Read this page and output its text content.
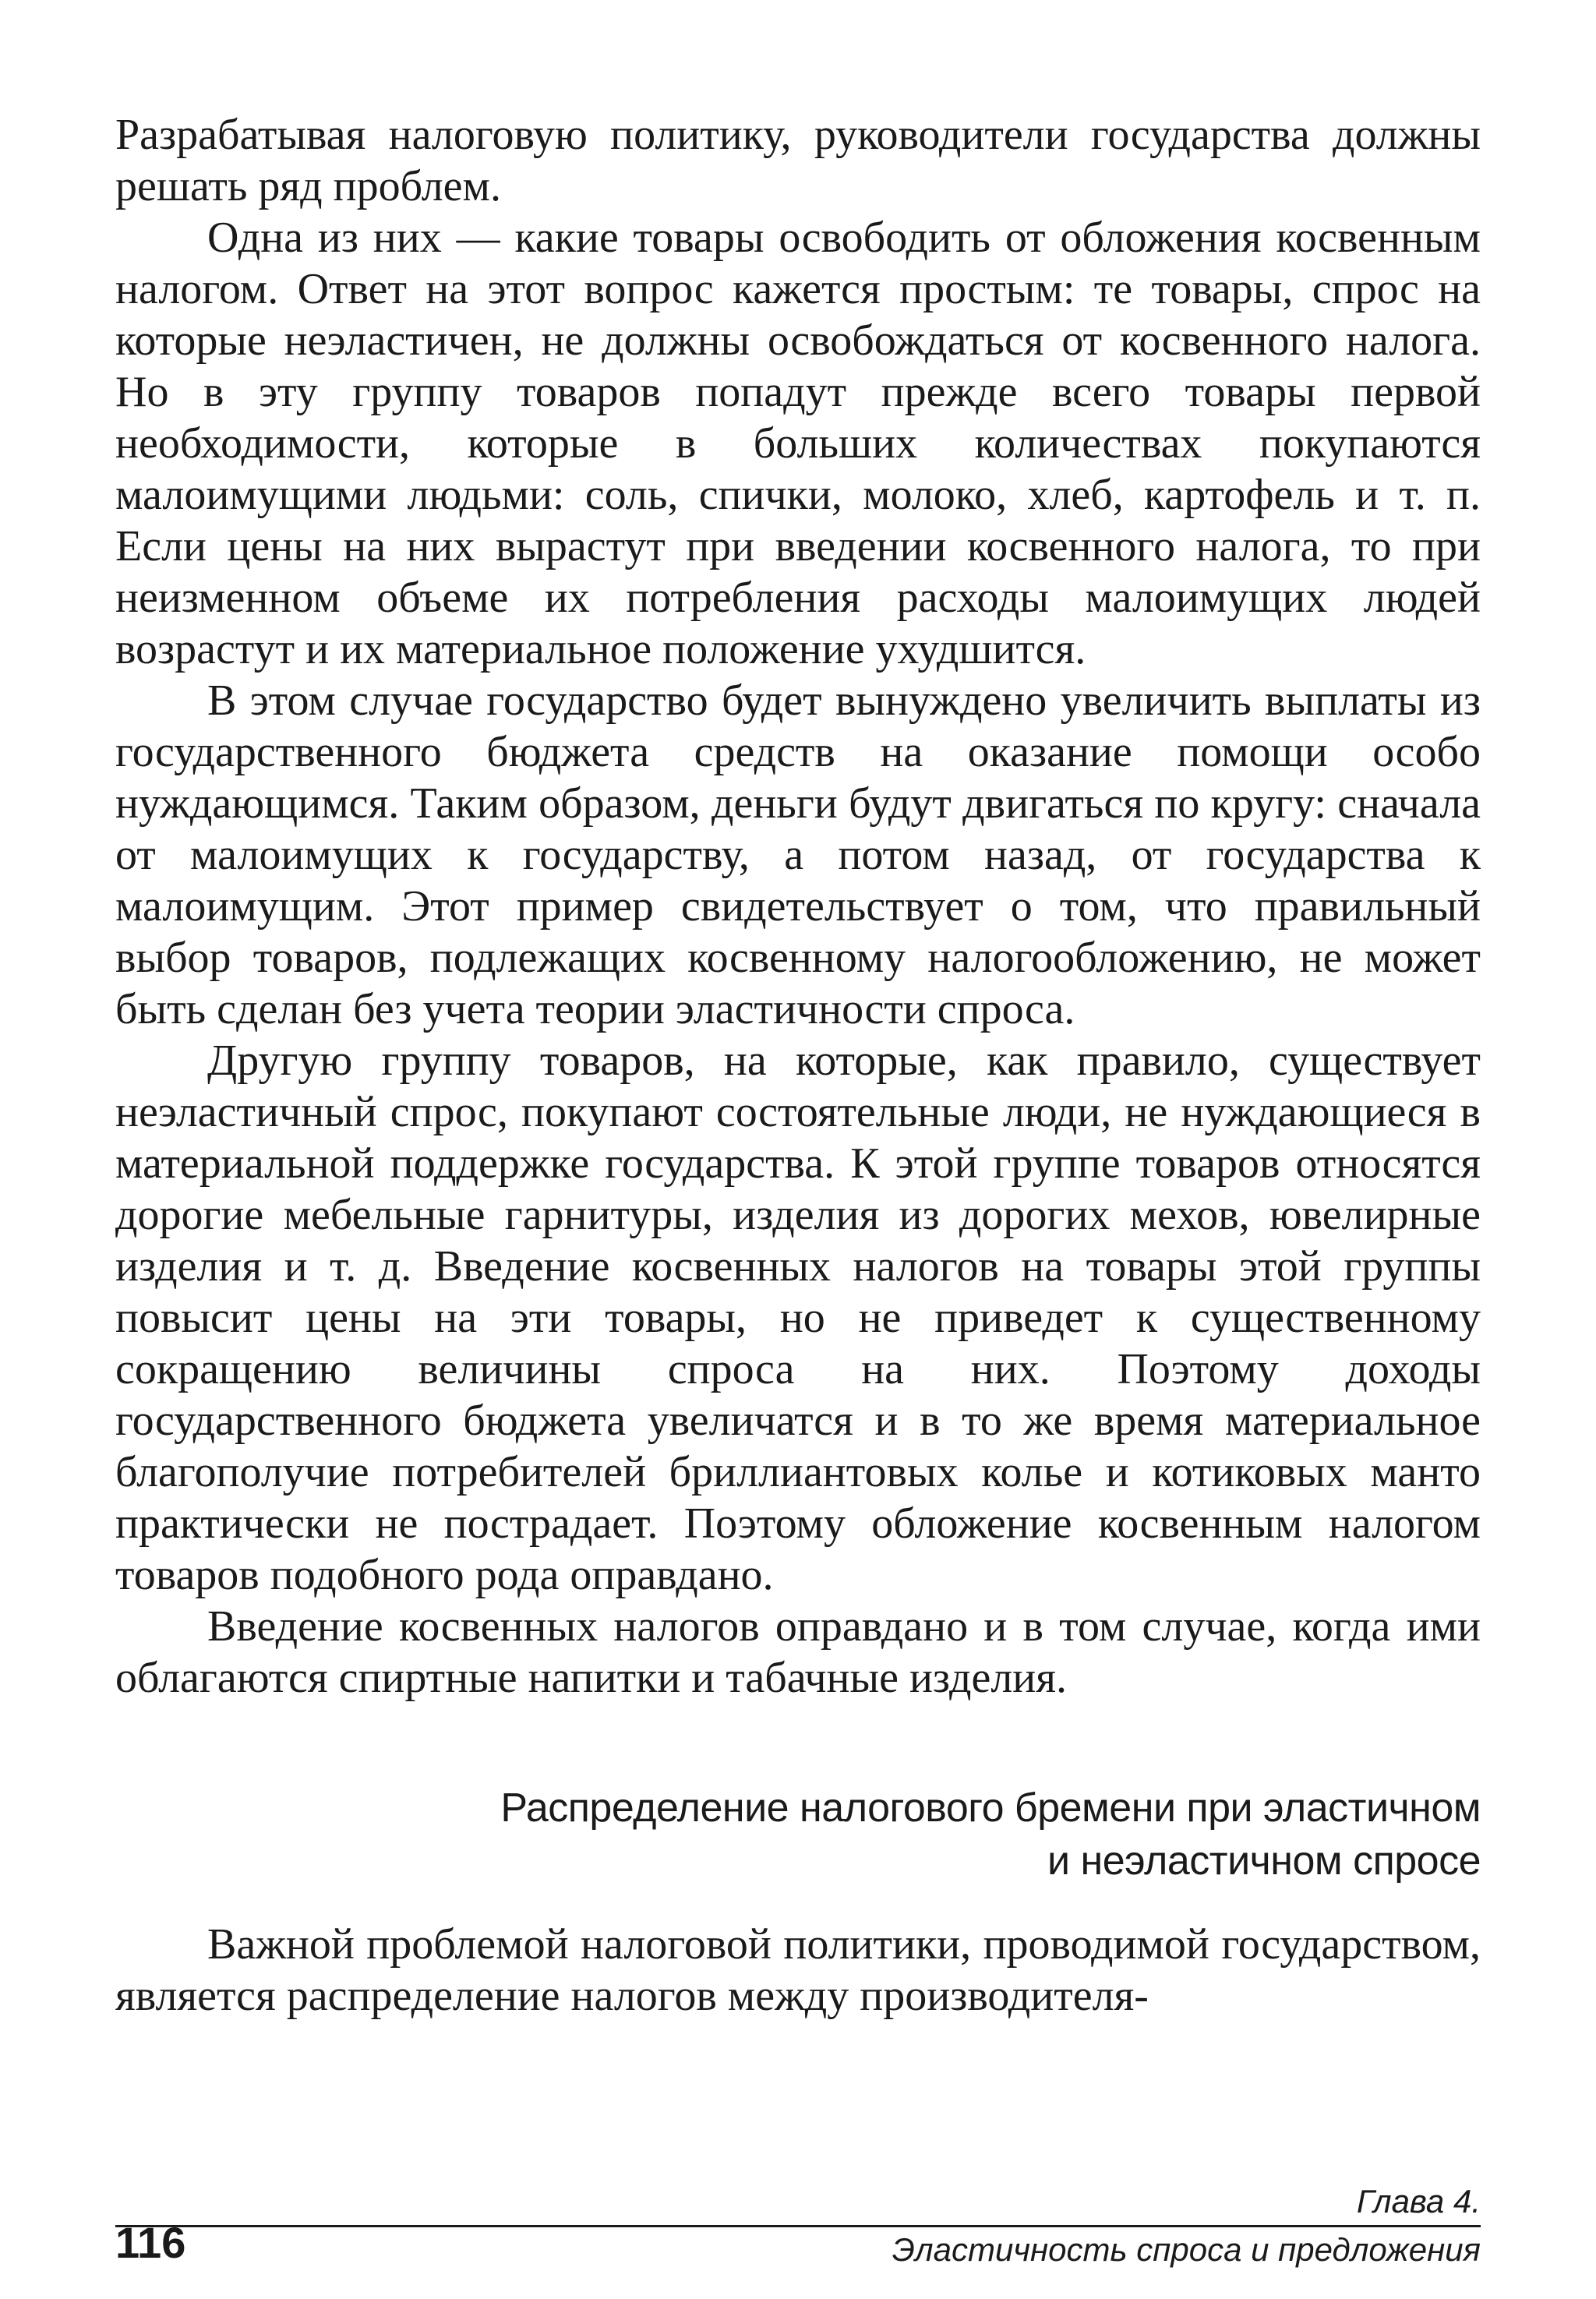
Разрабатывая налоговую политику, руководители государства должны решать ряд проблем.

Одна из них — какие товары освободить от обложения косвенным налогом. Ответ на этот вопрос кажется простым: те товары, спрос на которые неэластичен, не должны освобождаться от косвенного налога. Но в эту группу товаров попадут прежде всего товары первой необходимости, которые в больших количествах покупаются малоимущими людьми: соль, спички, молоко, хлеб, картофель и т. п. Если цены на них вырастут при введении косвенного налога, то при неизменном объеме их потребления расходы малоимущих людей возрастут и их материальное положение ухудшится.

В этом случае государство будет вынуждено увеличить выплаты из государственного бюджета средств на оказание помощи особо нуждающимся. Таким образом, деньги будут двигаться по кругу: сначала от малоимущих к государству, а потом назад, от государства к малоимущим. Этот пример свидетельствует о том, что правильный выбор товаров, подлежащих косвенному налогообложению, не может быть сделан без учета теории эластичности спроса.

Другую группу товаров, на которые, как правило, существует неэластичный спрос, покупают состоятельные люди, не нуждающиеся в материальной поддержке государства. К этой группе товаров относятся дорогие мебельные гарнитуры, изделия из дорогих мехов, ювелирные изделия и т. д. Введение косвенных налогов на товары этой группы повысит цены на эти товары, но не приведет к существенному сокращению величины спроса на них. Поэтому доходы государственного бюджета увеличатся и в то же время материальное благополучие потребителей бриллиантовых колье и котиковых манто практически не пострадает. Поэтому обложение косвенным налогом товаров подобного рода оправдано.

Введение косвенных налогов оправдано и в том случае, когда ими облагаются спиртные напитки и табачные изделия.

Распределение налогового бремени при эластичном
и неэластичном спросе

Важной проблемой налоговой политики, проводимой государством, является распределение налогов между производителя-

Глава 4.
116	Эластичность спроса и предложения
